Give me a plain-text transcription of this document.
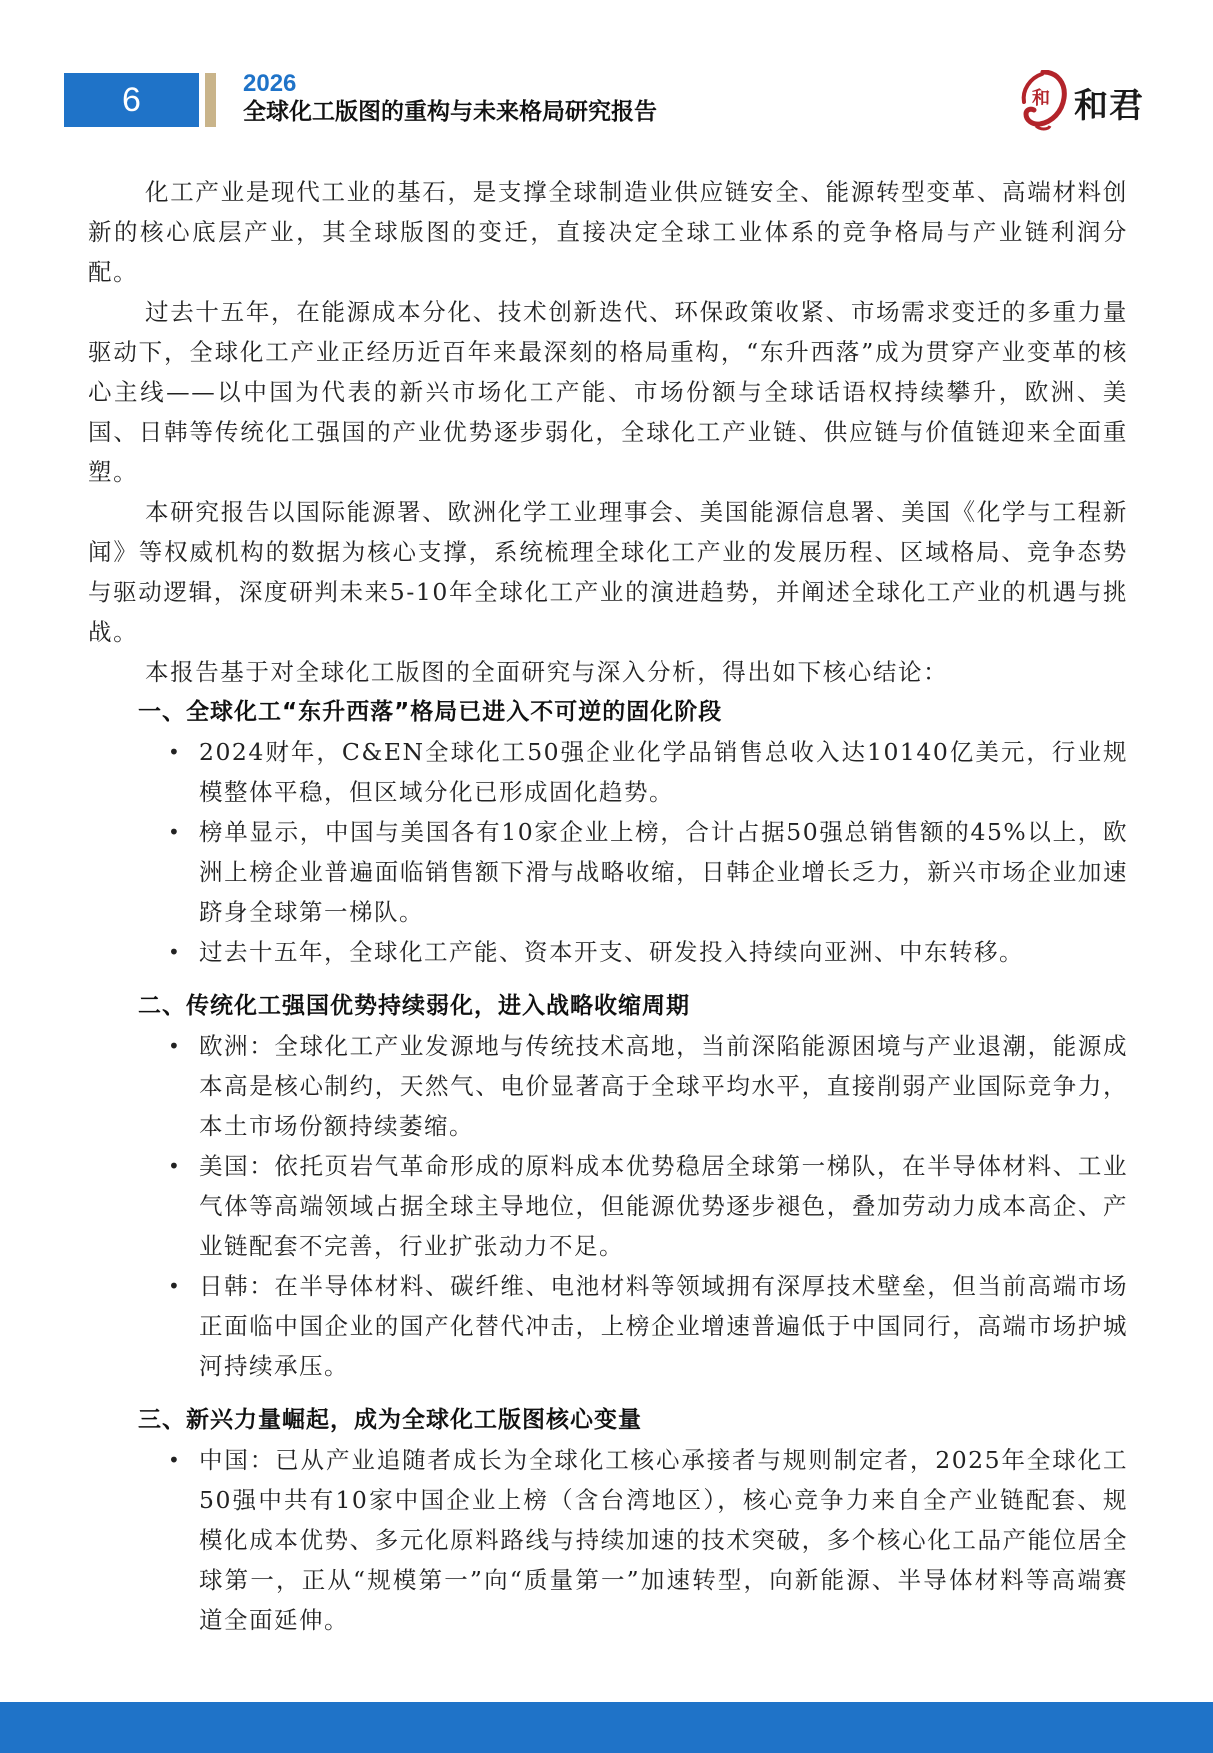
6	2026
全球化工版图的重构与未来格局研究报告
和 和君

化工产业是现代工业的基石，是支撑全球制造业供应链安全、能源转型变革、高端材料创新的核心底层产业，其全球版图的变迁，直接决定全球工业体系的竞争格局与产业链利润分配。

过去十五年，在能源成本分化、技术创新迭代、环保政策收紧、市场需求变迁的多重力量驱动下，全球化工产业正经历近百年来最深刻的格局重构，“东升西落”成为贯穿产业变革的核心主线——以中国为代表的新兴市场化工产能、市场份额与全球话语权持续攀升，欧洲、美国、日韩等传统化工强国的产业优势逐步弱化，全球化工产业链、供应链与价值链迎来全面重塑。

本研究报告以国际能源署、欧洲化学工业理事会、美国能源信息署、美国《化学与工程新闻》等权威机构的数据为核心支撑，系统梳理全球化工产业的发展历程、区域格局、竞争态势与驱动逻辑，深度研判未来5-10年全球化工产业的演进趋势，并阐述全球化工产业的机遇与挑战。

本报告基于对全球化工版图的全面研究与深入分析，得出如下核心结论：

一、全球化工“东升西落”格局已进入不可逆的固化阶段

• 2024财年，C&EN全球化工50强企业化学品销售总收入达10140亿美元，行业规模整体平稳，但区域分化已形成固化趋势。
• 榜单显示，中国与美国各有10家企业上榜，合计占据50强总销售额的45%以上，欧洲上榜企业普遍面临销售额下滑与战略收缩，日韩企业增长乏力，新兴市场企业加速跻身全球第一梯队。
• 过去十五年，全球化工产能、资本开支、研发投入持续向亚洲、中东转移。

二、传统化工强国优势持续弱化，进入战略收缩周期

• 欧洲：全球化工产业发源地与传统技术高地，当前深陷能源困境与产业退潮，能源成本高是核心制约，天然气、电价显著高于全球平均水平，直接削弱产业国际竞争力，本土市场份额持续萎缩。
• 美国：依托页岩气革命形成的原料成本优势稳居全球第一梯队，在半导体材料、工业气体等高端领域占据全球主导地位，但能源优势逐步褪色，叠加劳动力成本高企、产业链配套不完善，行业扩张动力不足。
• 日韩：在半导体材料、碳纤维、电池材料等领域拥有深厚技术壁垒，但当前高端市场正面临中国企业的国产化替代冲击，上榜企业增速普遍低于中国同行，高端市场护城河持续承压。

三、新兴力量崛起，成为全球化工版图核心变量

• 中国：已从产业追随者成长为全球化工核心承接者与规则制定者，2025年全球化工50强中共有10家中国企业上榜（含台湾地区），核心竞争力来自全产业链配套、规模化成本优势、多元化原料路线与持续加速的技术突破，多个核心化工品产能位居全球第一，正从“规模第一”向“质量第一”加速转型，向新能源、半导体材料等高端赛道全面延伸。
